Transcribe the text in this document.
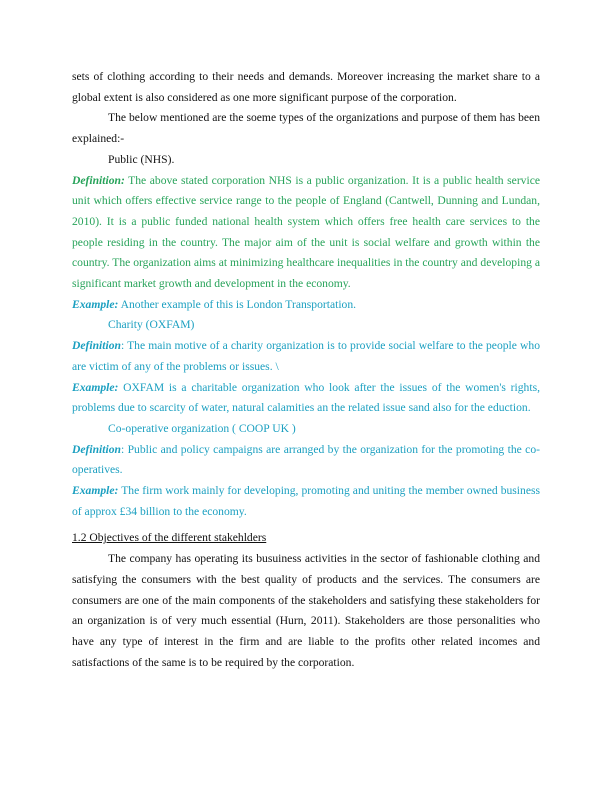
sets of clothing according to their needs and demands. Moreover increasing the market share to a global extent is also considered as one more significant purpose of the corporation.

The below mentioned are the soeme types of the organizations and purpose of them has been explained:-

Public (NHS).

Definition: The above stated corporation NHS is a public organization. It is a public health service unit which offers effective service range to the people of England (Cantwell, Dunning and Lundan, 2010). It is a public funded national health system which offers free health care services to the people residing in the country. The major aim of the unit is social welfare and growth within the country. The organization aims at minimizing healthcare inequalities in the country and developing a significant market growth and development in the economy.

Example: Another example of this is London Transportation.

Charity (OXFAM)

Definition: The main motive of a charity organization is to provide social welfare to the people who are victim of any of the problems or issues. \

Example: OXFAM is a charitable organization who look after the issues of the women's rights, problems due to scarcity of water, natural calamities an the related issue sand also for the eduction.

Co-operative organization ( COOP UK )

Definition: Public and policy campaigns are arranged by the organization for the promoting the co-operatives.

Example: The firm work mainly for developing, promoting and uniting the member owned business of approx £34 billion to the economy.

1.2 Objectives of the different stakehlders

The company has operating its busuiness activities in the sector of fashionable clothing and satisfying the consumers with the best quality of products and the services. The consumers are consumers are one of the main components of the stakeholders and satisfying these stakeholders for an organization is of very much essential (Hurn, 2011). Stakeholders are those personalities who have any type of interest in the firm and are liable to the profits other related incomes and satisfactions of the same is to be required by the corporation.
